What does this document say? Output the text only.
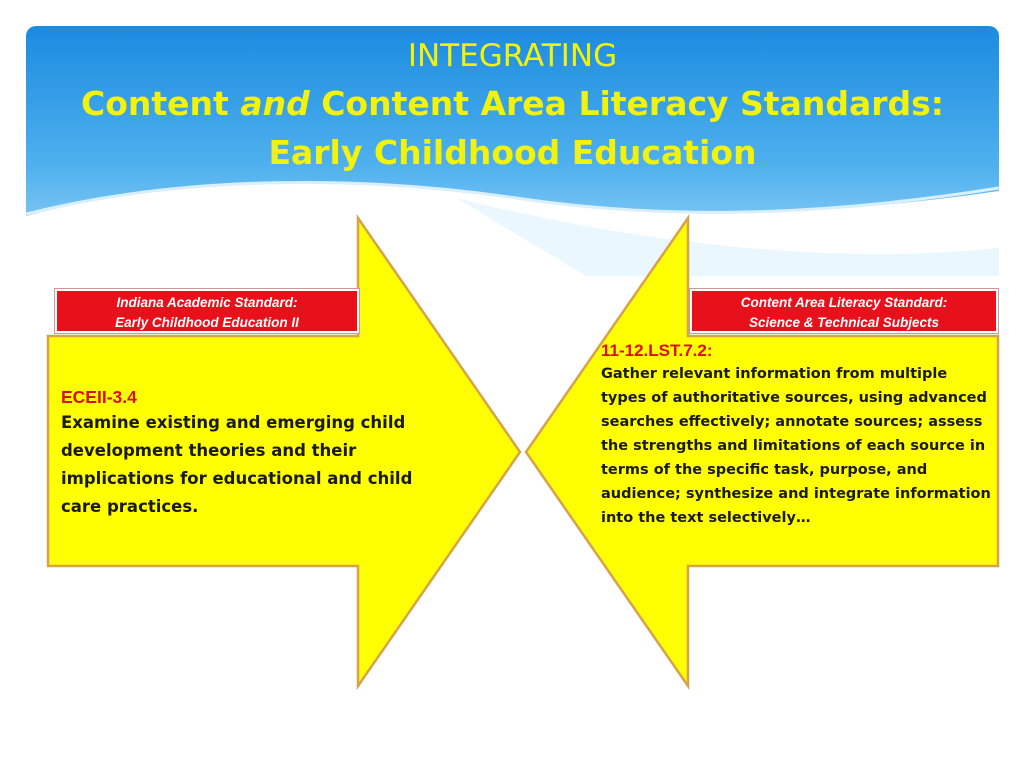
INTEGRATING
Content and Content Area Literacy Standards:
Early Childhood Education
Indiana Academic Standard:
Early Childhood Education II
Content Area Literacy Standard:
Science & Technical Subjects
ECEII-3.4
Examine existing and emerging child development theories and their implications for educational and child care practices.
11-12.LST.7.2:
Gather relevant information from multiple types of authoritative sources, using advanced searches effectively; annotate sources; assess the strengths and limitations of each source in terms of the specific task, purpose, and audience; synthesize and integrate information into the text selectively…
